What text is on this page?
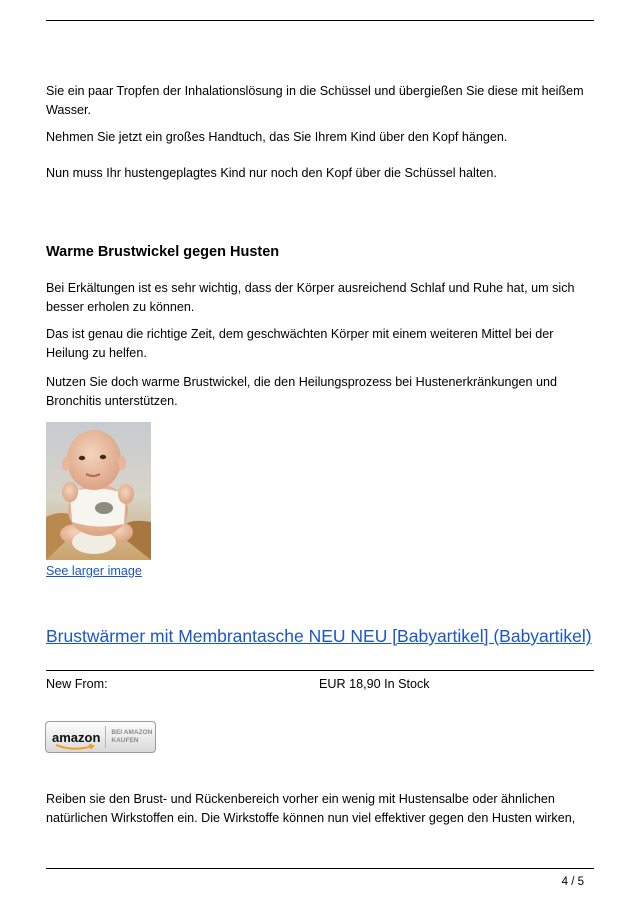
Sie ein paar Tropfen der Inhalationslösung in die Schüssel und übergießen Sie diese mit heißem Wasser.

Nehmen Sie jetzt ein großes Handtuch, das Sie Ihrem Kind über den Kopf hängen.

Nun muss Ihr hustengeplagtes Kind nur noch den Kopf über die Schüssel halten.

Warme Brustwickel gegen Husten

Bei Erkältungen ist es sehr wichtig, dass der Körper ausreichend Schlaf und Ruhe hat, um sich besser erholen zu können.

Das ist genau die richtige Zeit, dem geschwächten Körper mit einem weiteren Mittel bei der Heilung zu helfen.

Nutzen Sie doch warme Brustwickel, die den Heilungsprozess bei Hustenerkränkungen und Bronchitis unterstützen.

See larger image
Brustwärmer mit Membrantasche NEU NEU [Babyartikel] (Babyartikel)
New From:	EUR 18,90 In Stock
amazon BEI AMAZON KAUFEN

Reiben sie den Brust- und Rückenbereich vorher ein wenig mit Hustensalbe oder ähnlichen natürlichen Wirkstoffen ein. Die Wirkstoffe können nun viel effektiver gegen den Husten wirken,

4 / 5
